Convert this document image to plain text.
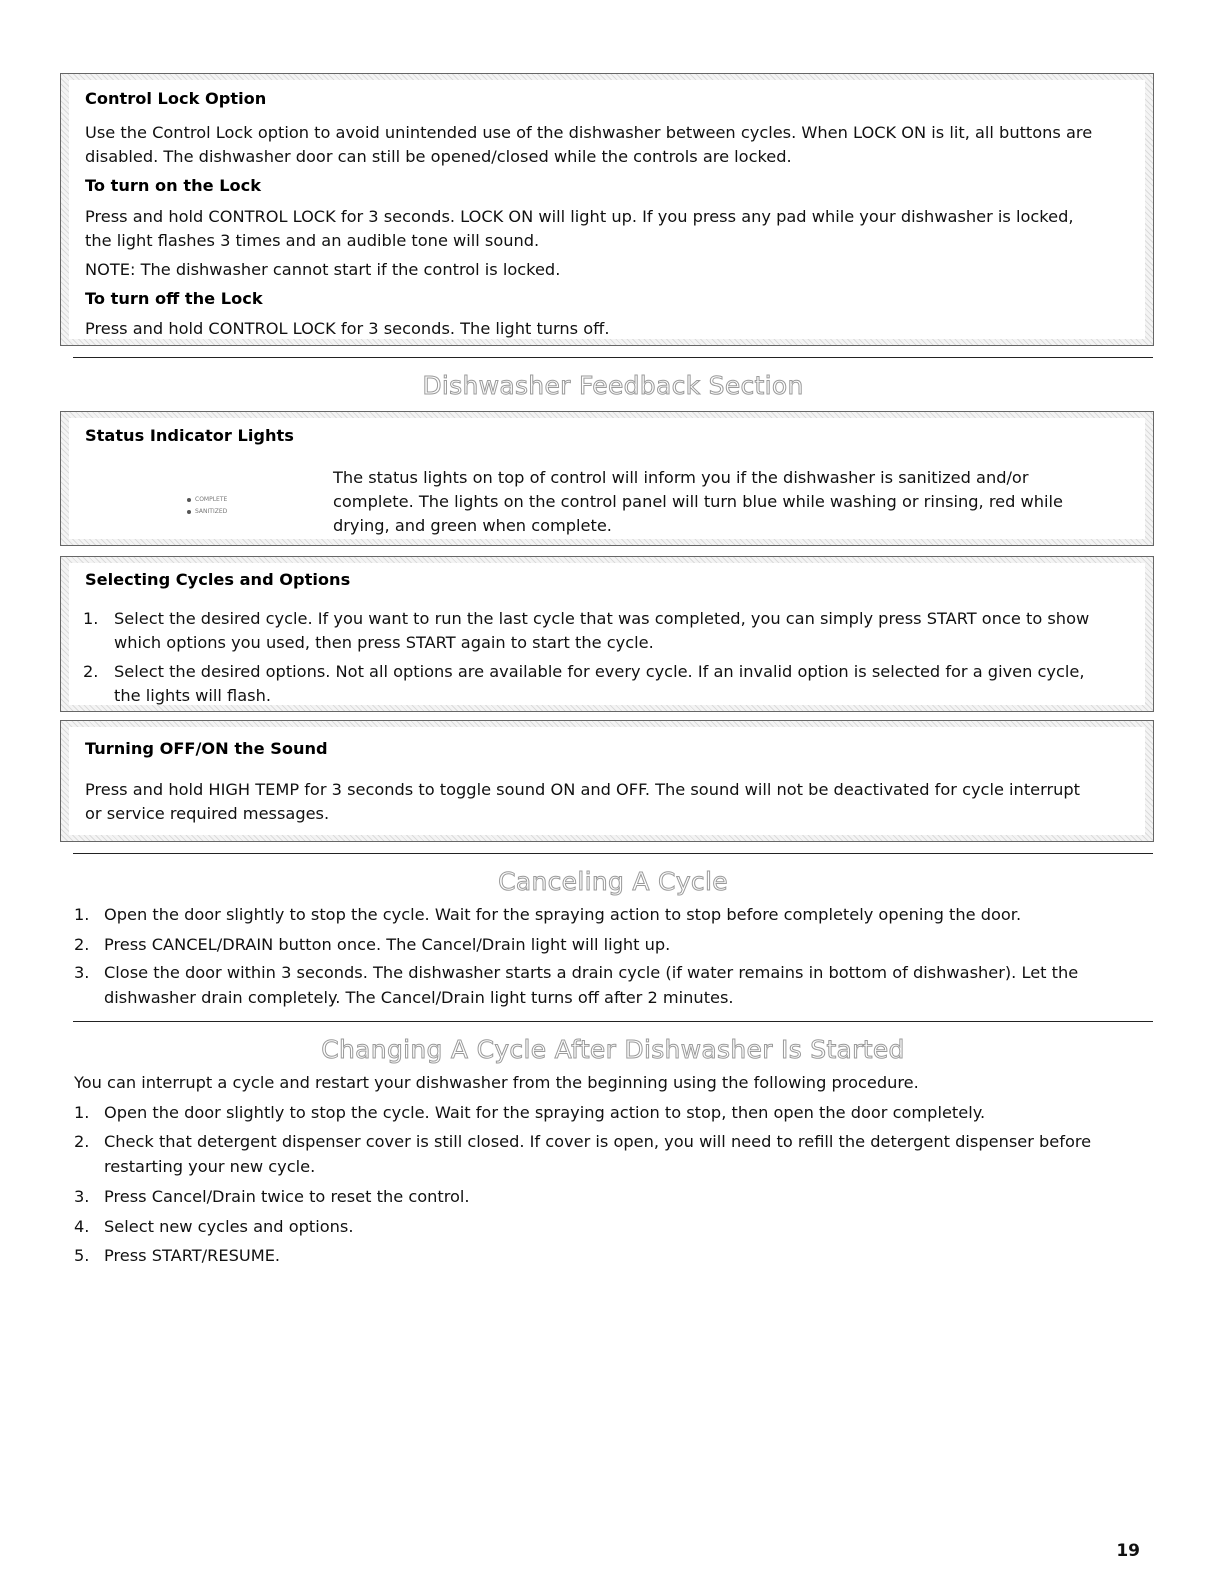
Control Lock Option

Use the Control Lock option to avoid unintended use of the dishwasher between cycles. When LOCK ON is lit, all buttons are

disabled. The dishwasher door can still be opened/closed while the controls are locked.

To turn on the Lock

Press and hold CONTROL LOCK for 3 seconds. LOCK ON will light up. If you press any pad while your dishwasher is locked,

the light flashes 3 times and an audible tone will sound.

NOTE: The dishwasher cannot start if the control is locked.

To turn off the Lock

Press and hold CONTROL LOCK for 3 seconds. The light turns off.

Dishwasher Feedback Section

Status Indicator Lights

COMPLETE
SANITIZED

The status lights on top of control will inform you if the dishwasher is sanitized and/or

complete. The lights on the control panel will turn blue while washing or rinsing, red while

drying, and green when complete.

Selecting Cycles and Options

1. Select the desired cycle. If you want to run the last cycle that was completed, you can simply press START once to show

which options you used, then press START again to start the cycle.

2. Select the desired options. Not all options are available for every cycle. If an invalid option is selected for a given cycle,

the lights will flash.

Turning OFF/ON the Sound

Press and hold HIGH TEMP for 3 seconds to toggle sound ON and OFF. The sound will not be deactivated for cycle interrupt

or service required messages.

Canceling A Cycle
1. Open the door slightly to stop the cycle. Wait for the spraying action to stop before completely opening the door.

2. Press CANCEL/DRAIN button once. The Cancel/Drain light will light up.

3. Close the door within 3 seconds. The dishwasher starts a drain cycle (if water remains in bottom of dishwasher). Let the

dishwasher drain completely. The Cancel/Drain light turns off after 2 minutes.

Changing A Cycle After Dishwasher Is Started

You can interrupt a cycle and restart your dishwasher from the beginning using the following procedure.

1. Open the door slightly to stop the cycle. Wait for the spraying action to stop, then open the door completely.

2. Check that detergent dispenser cover is still closed. If cover is open, you will need to refill the detergent dispenser before

restarting your new cycle.

3. Press Cancel/Drain twice to reset the control.

4. Select new cycles and options.

5. Press START/RESUME.

19
